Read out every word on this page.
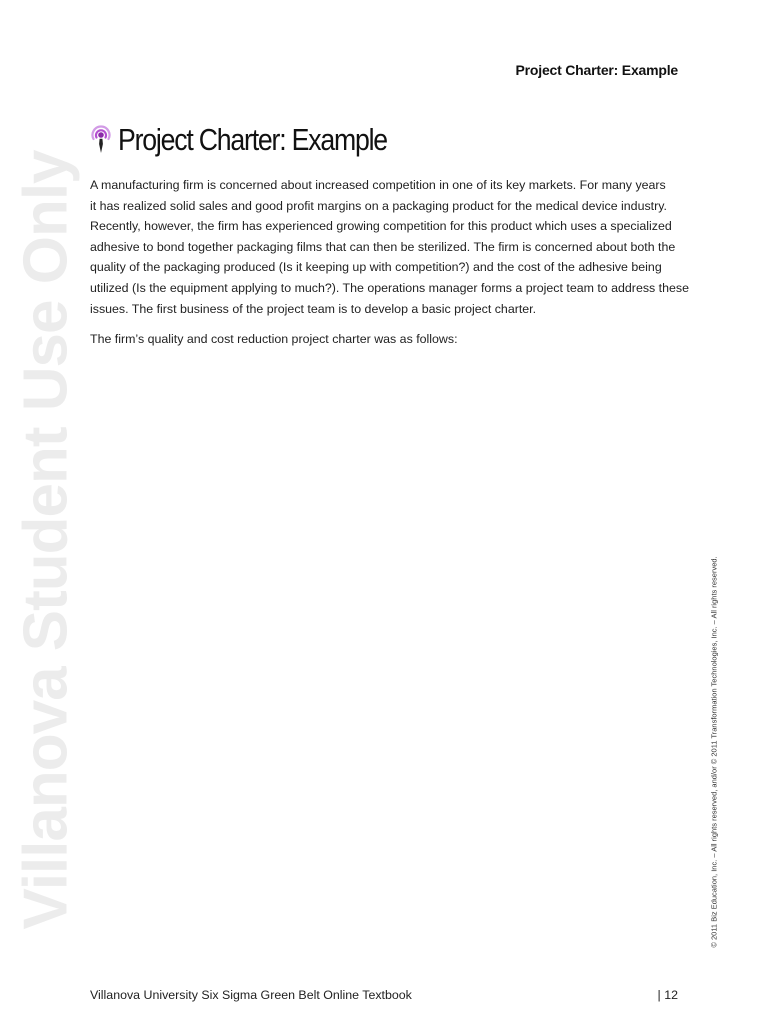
Project Charter: Example
Villanova Student Use Only	© 2011 Biz Education, Inc. – All rights reserved, and/or © 2011 Transformation Technologies, Inc. – All rights reserved.
Project Charter: Example

A manufacturing firm is concerned about increased competition in one of its key markets. For many years
it has realized solid sales and good profit margins on a packaging product for the medical device industry.
Recently, however, the firm has experienced growing competition for this product which uses a specialized
adhesive to bond together packaging films that can then be sterilized. The firm is concerned about both the
quality of the packaging produced (Is it keeping up with competition?) and the cost of the adhesive being
utilized (Is the equipment applying to much?). The operations manager forms a project team to address these
issues. The first business of the project team is to develop a basic project charter.

The firm’s quality and cost reduction project charter was as follows:

Villanova University Six Sigma Green Belt Online Textbook	| 12
